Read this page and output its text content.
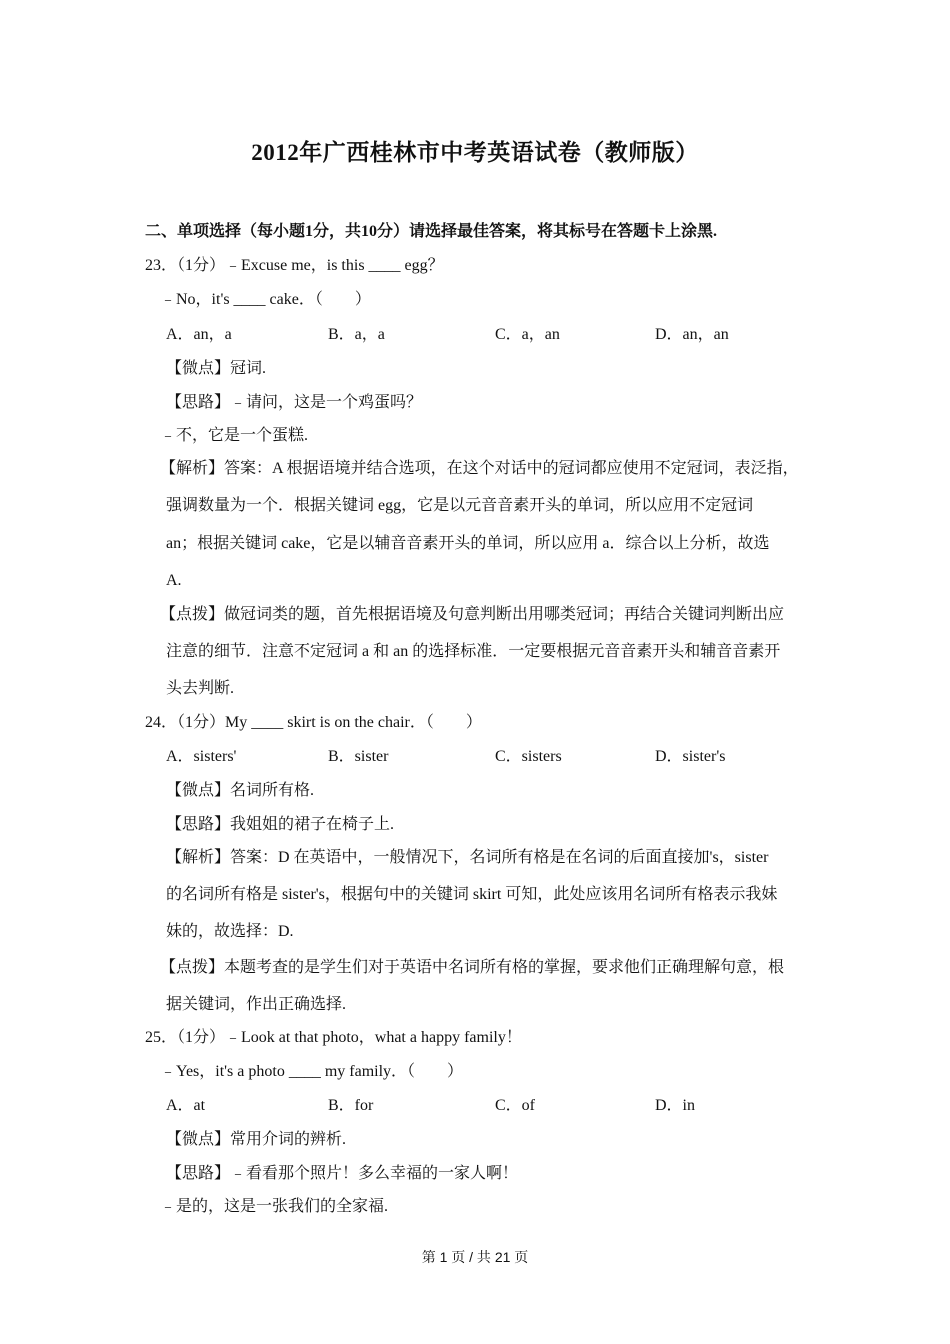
2012年广西桂林市中考英语试卷（教师版）
二、单项选择（每小题1分，共10分）请选择最佳答案，将其标号在答题卡上涂黑.
23．（1分）﹣Excuse me，is this ____ egg？
﹣No，it's ____ cake．（　　）
A．an，a	B．a，a	C．a，an	D．an，an
【微点】冠词.
【思路】﹣请问，这是一个鸡蛋吗？
﹣不，它是一个蛋糕.
【解析】答案：A 根据语境并结合选项，在这个对话中的冠词都应使用不定冠词，表泛指，
强调数量为一个．根据关键词 egg，它是以元音音素开头的单词，所以应用不定冠词
an；根据关键词 cake，它是以辅音音素开头的单词，所以应用 a．综合以上分析，故选
A.
【点拨】做冠词类的题，首先根据语境及句意判断出用哪类冠词；再结合关键词判断出应
注意的细节．注意不定冠词 a 和 an 的选择标准．一定要根据元音音素开头和辅音音素开
头去判断.
24．（1分）My ____ skirt is on the chair．（　　）
A．sisters'	B．sister	C．sisters	D．sister's
【微点】名词所有格.
【思路】我姐姐的裙子在椅子上.
【解析】答案：D 在英语中，一般情况下，名词所有格是在名词的后面直接加's，sister
的名词所有格是 sister's，根据句中的关键词 skirt 可知，此处应该用名词所有格表示我妹
妹的，故选择：D.
【点拨】本题考查的是学生们对于英语中名词所有格的掌握，要求他们正确理解句意，根
据关键词，作出正确选择.
25．（1分）﹣Look at that photo，what a happy family！
﹣Yes，it's a photo ____ my family．（　　）
A．at	B．for	C．of	D．in
【微点】常用介词的辨析.
【思路】﹣看看那个照片！多么幸福的一家人啊！
﹣是的，这是一张我们的全家福.
第 1 页 / 共 21 页
